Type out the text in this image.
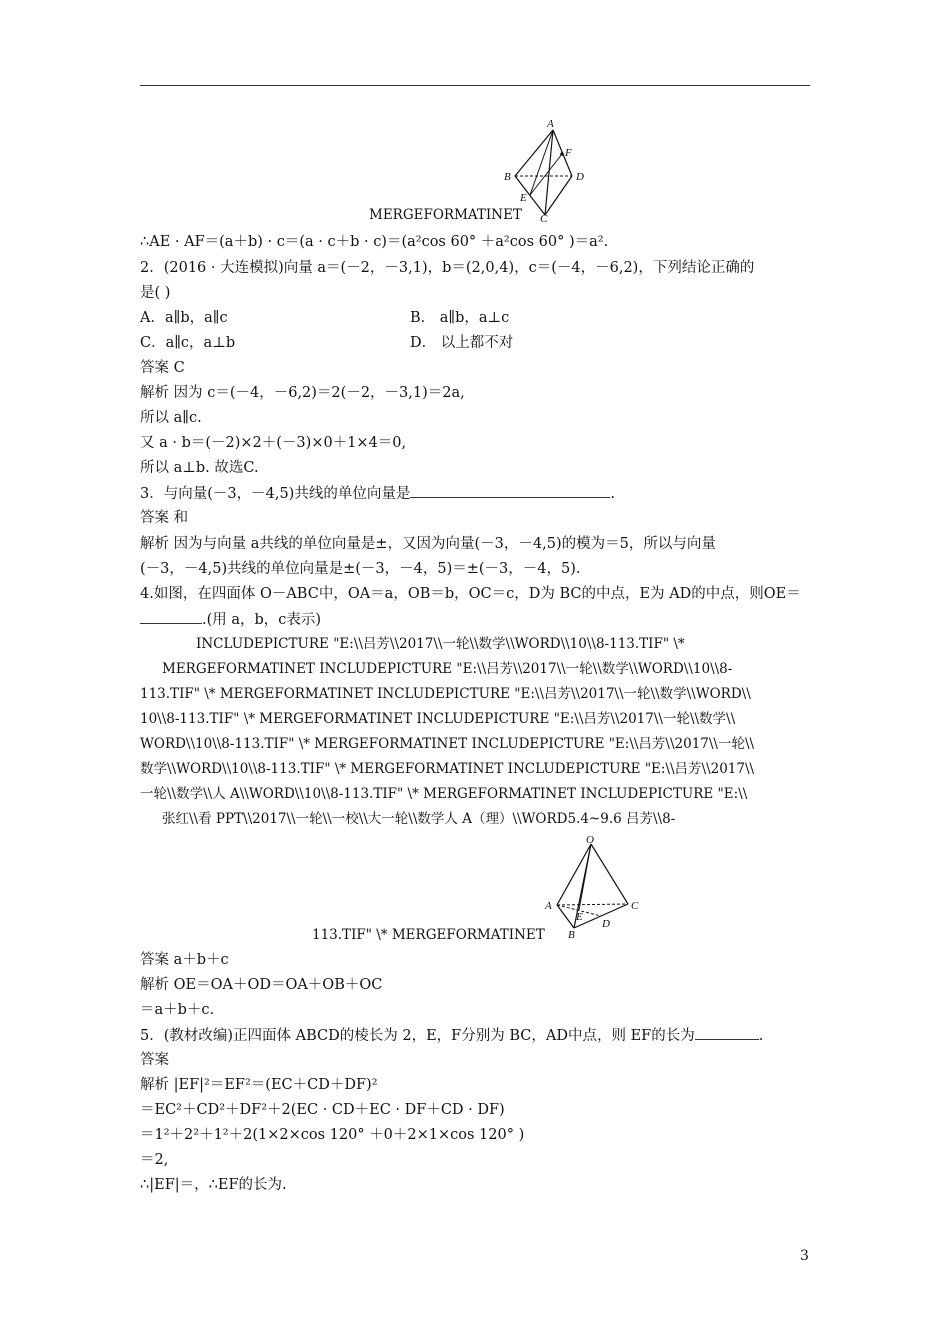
A
B	D
C
E
F
MERGEFORMATINET
∴AE · AF＝(a＋b) · c＝(a · c＋b · c)＝(a²cos 60° ＋a²cos 60° )＝a².
2．(2016 · 大连模拟)向量 a＝(－2，－3,1)，b＝(2,0,4)，c＝(－4，－6,2)，下列结论正确的
是( )
A．a∥b，a∥c	B． a∥b，a⊥c
C．a∥c，a⊥b	D． 以上都不对
答案 C
解析 因为 c＝(－4，－6,2)＝2(－2，－3,1)＝2a,
所以 a∥c.
又 a · b＝(－2)×2＋(－3)×0＋1×4＝0,
所以 a⊥b. 故选C.
3．与向量(－3，－4,5)共线的单位向量是	.
答案 和
解析 因为与向量 a共线的单位向量是±，又因为向量(－3，－4,5)的模为＝5，所以与向量
(－3，－4,5)共线的单位向量是±(－3，－4，5)＝±(－3，－4，5).
4.如图，在四面体 O－ABC中，OA＝a，OB＝b，OC＝c，D为 BC的中点，E为 AD的中点，则OE＝
.(用 a，b，c表示)
INCLUDEPICTURE "E:\\吕芳\\2017\\一轮\\数学\\WORD\\10\\8-113.TIF" \*
MERGEFORMATINET INCLUDEPICTURE "E:\\吕芳\\2017\\一轮\\数学\\WORD\\10\\8-
113.TIF" \* MERGEFORMATINET INCLUDEPICTURE "E:\\吕芳\\2017\\一轮\\数学\\WORD\\
10\\8-113.TIF" \* MERGEFORMATINET INCLUDEPICTURE "E:\\吕芳\\2017\\一轮\\数学\\
WORD\\10\\8-113.TIF" \* MERGEFORMATINET INCLUDEPICTURE "E:\\吕芳\\2017\\一轮\\
数学\\WORD\\10\\8-113.TIF" \* MERGEFORMATINET INCLUDEPICTURE "E:\\吕芳\\2017\\
一轮\\数学\\人 A\\WORD\\10\\8-113.TIF" \* MERGEFORMATINET INCLUDEPICTURE "E:\\
张红\\看 PPT\\2017\\一轮\\一校\\大一轮\\数学人 A（理）\\WORD5.4~9.6 吕芳\\8-
O
A	C
B
D
E
113.TIF" \* MERGEFORMATINET
答案 a＋b＋c
解析 OE＝OA＋OD＝OA＋OB＋OC
＝a＋b＋c.
5．(教材改编)正四面体 ABCD的棱长为 2，E，F分别为 BC，AD中点，则 EF的长为	.
答案
解析 |EF|²＝EF²＝(EC＋CD＋DF)²
＝EC²＋CD²＋DF²＋2(EC · CD＋EC · DF＋CD · DF)
＝1²＋2²＋1²＋2(1×2×cos 120° ＋0＋2×1×cos 120° )
＝2,
∴|EF|＝，∴EF的长为.
3
